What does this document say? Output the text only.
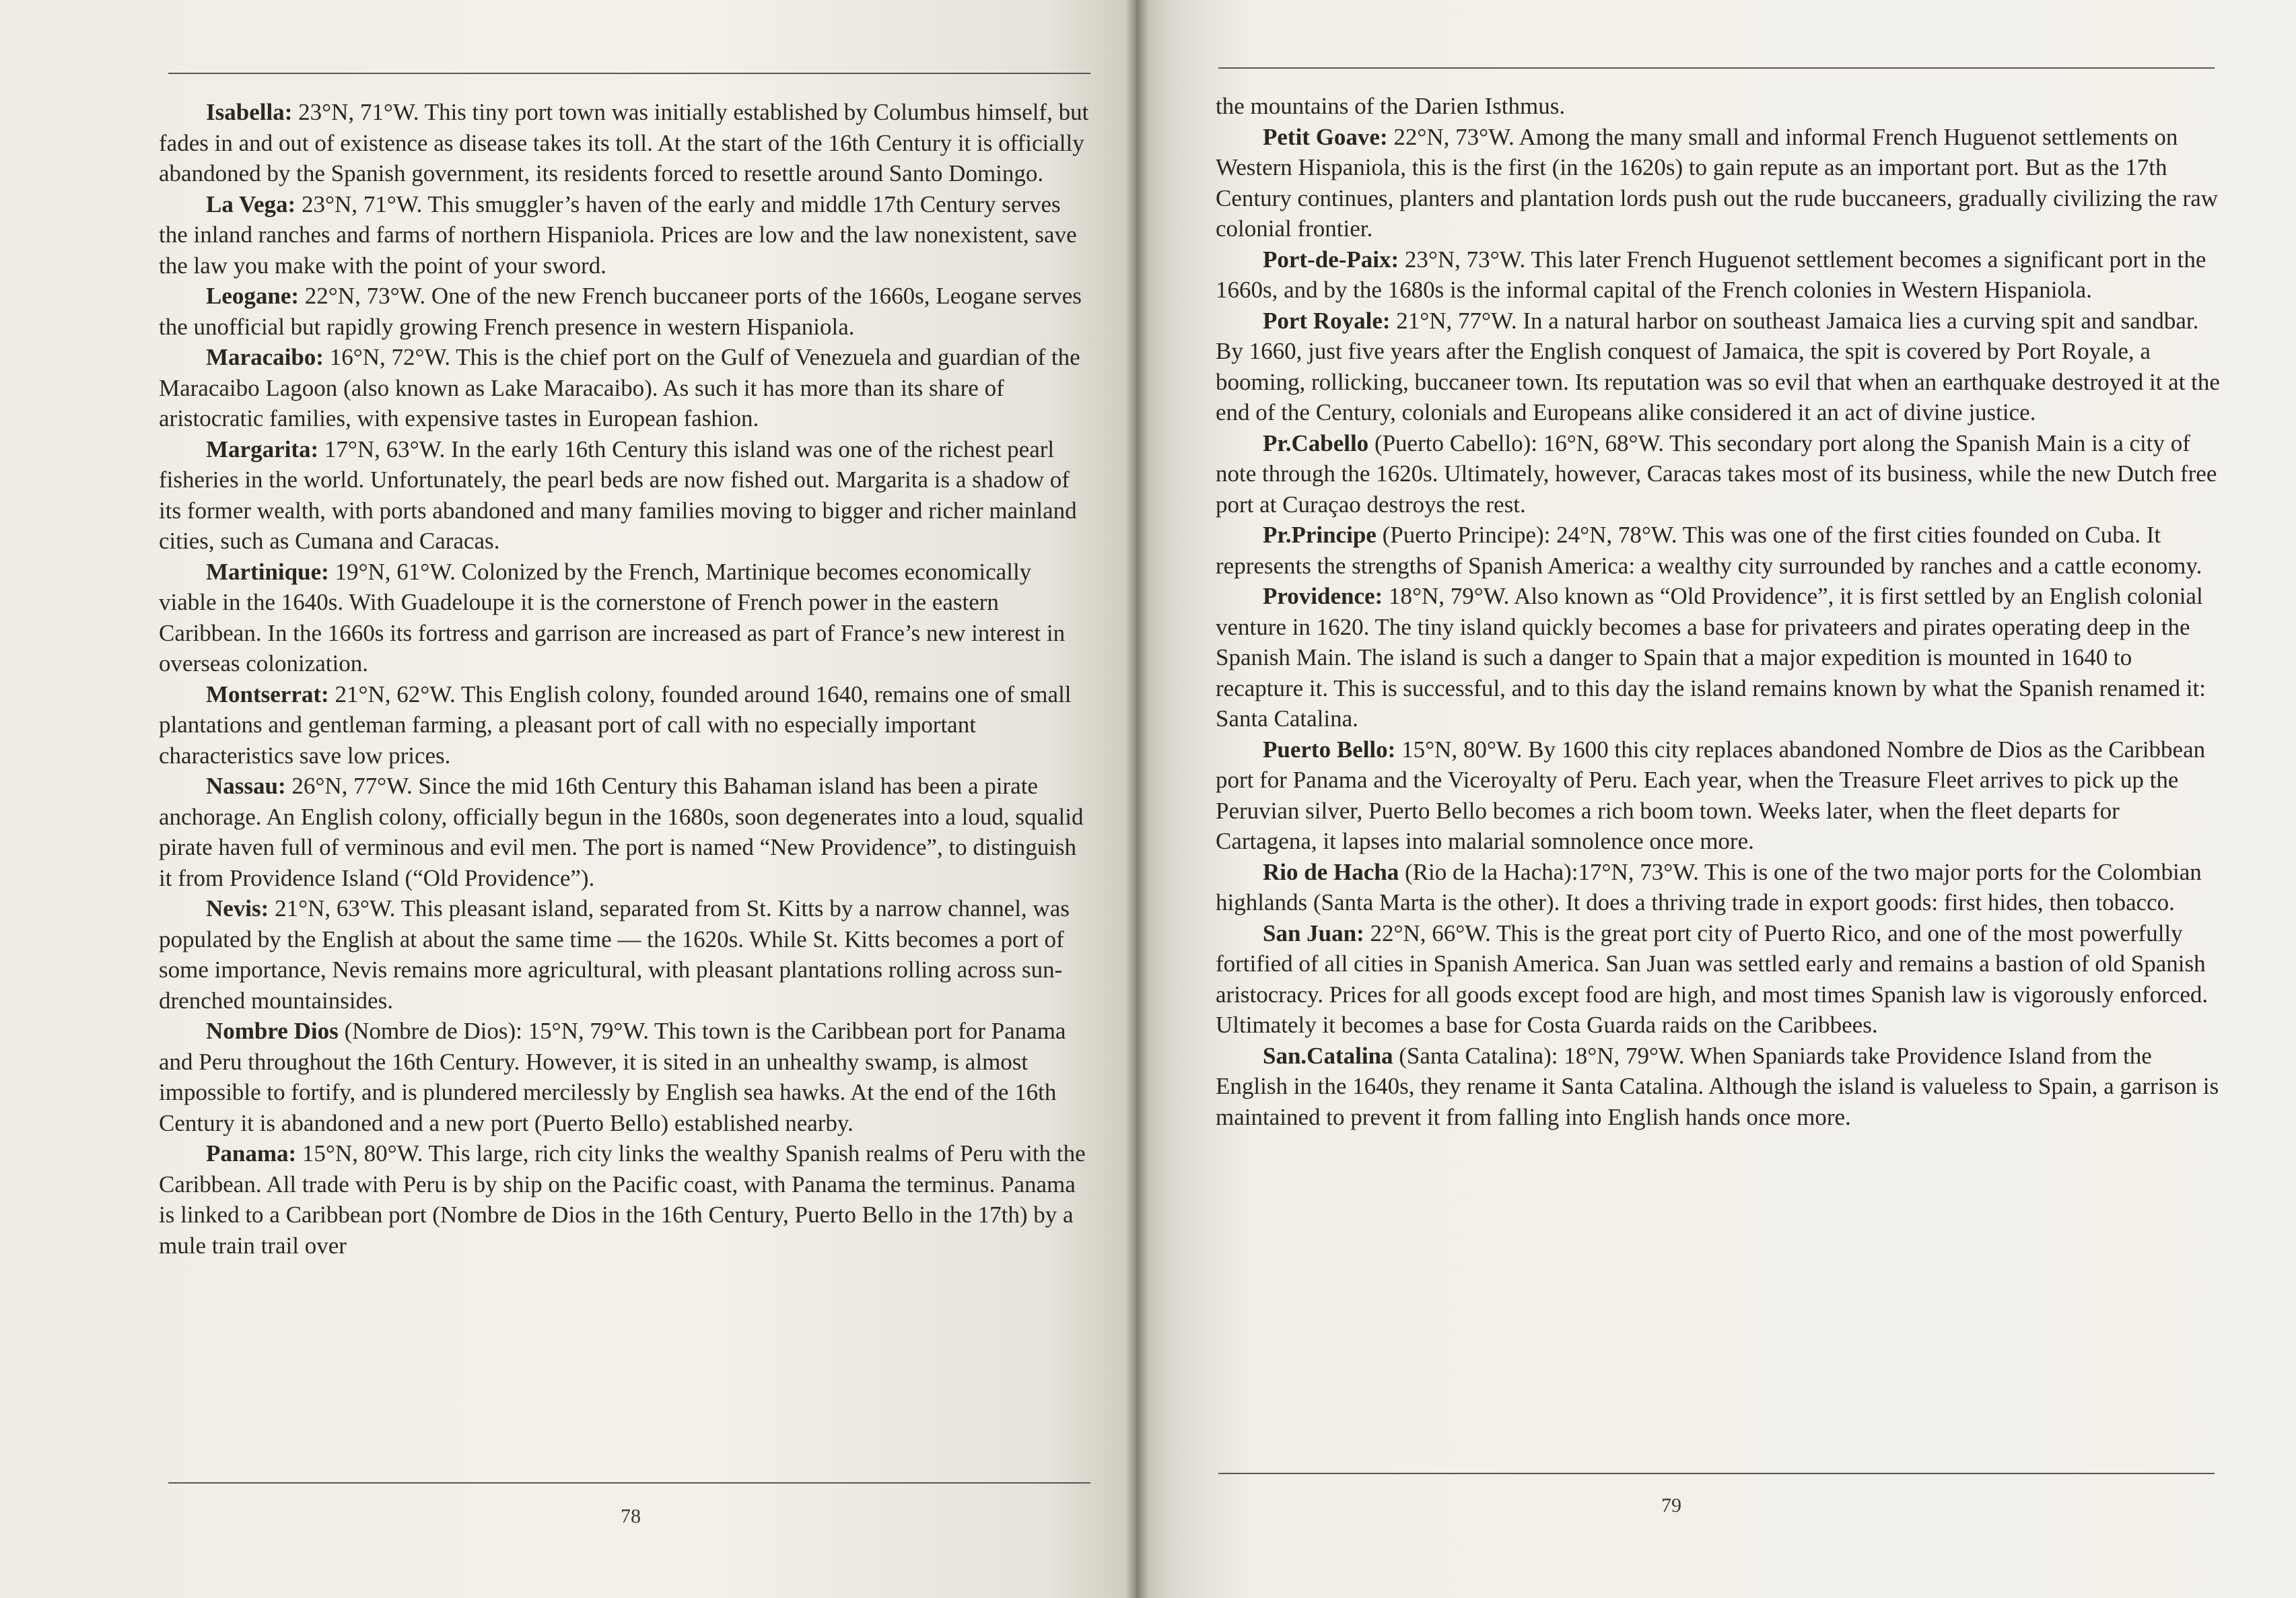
Isabella: 23°N, 71°W. This tiny port town was initially established by Columbus himself, but fades in and out of existence as disease takes its toll. At the start of the 16th Century it is officially abandoned by the Spanish government, its residents forced to resettle around Santo Domingo.

La Vega: 23°N, 71°W. This smuggler’s haven of the early and middle 17th Century serves the inland ranches and farms of northern Hispaniola. Prices are low and the law nonexistent, save the law you make with the point of your sword.

Leogane: 22°N, 73°W. One of the new French buccaneer ports of the 1660s, Leogane serves the unofficial but rapidly growing French presence in western Hispaniola.

Maracaibo: 16°N, 72°W. This is the chief port on the Gulf of Venezuela and guardian of the Maracaibo Lagoon (also known as Lake Maracaibo). As such it has more than its share of aristocratic families, with expensive tastes in European fashion.

Margarita: 17°N, 63°W. In the early 16th Century this island was one of the richest pearl fisheries in the world. Unfortunately, the pearl beds are now fished out. Margarita is a shadow of its former wealth, with ports abandoned and many families moving to bigger and richer mainland cities, such as Cumana and Caracas.

Martinique: 19°N, 61°W. Colonized by the French, Martinique becomes economically viable in the 1640s. With Guadeloupe it is the cornerstone of French power in the eastern Caribbean. In the 1660s its fortress and garrison are increased as part of France’s new interest in overseas colonization.

Montserrat: 21°N, 62°W. This English colony, founded around 1640, remains one of small plantations and gentleman farming, a pleasant port of call with no especially important characteristics save low prices.

Nassau: 26°N, 77°W. Since the mid 16th Century this Bahaman island has been a pirate anchorage. An English colony, officially begun in the 1680s, soon degenerates into a loud, squalid pirate haven full of verminous and evil men. The port is named “New Providence”, to distinguish it from Providence Island (“Old Providence”).

Nevis: 21°N, 63°W. This pleasant island, separated from St. Kitts by a narrow channel, was populated by the English at about the same time — the 1620s. While St. Kitts becomes a port of some importance, Nevis remains more agricultural, with pleasant plantations rolling across sun-drenched mountainsides.

Nombre Dios (Nombre de Dios): 15°N, 79°W. This town is the Caribbean port for Panama and Peru throughout the 16th Century. However, it is sited in an unhealthy swamp, is almost impossible to fortify, and is plundered mercilessly by English sea hawks. At the end of the 16th Century it is abandoned and a new port (Puerto Bello) established nearby.

Panama: 15°N, 80°W. This large, rich city links the wealthy Spanish realms of Peru with the Caribbean. All trade with Peru is by ship on the Pacific coast, with Panama the terminus. Panama is linked to a Caribbean port (Nombre de Dios in the 16th Century, Puerto Bello in the 17th) by a mule train trail over

78

the mountains of the Darien Isthmus.

Petit Goave: 22°N, 73°W. Among the many small and informal French Huguenot settlements on Western Hispaniola, this is the first (in the 1620s) to gain repute as an important port. But as the 17th Century continues, planters and plantation lords push out the rude buccaneers, gradually civilizing the raw colonial frontier.

Port-de-Paix: 23°N, 73°W. This later French Huguenot settlement becomes a significant port in the 1660s, and by the 1680s is the informal capital of the French colonies in Western Hispaniola.

Port Royale: 21°N, 77°W. In a natural harbor on southeast Jamaica lies a curving spit and sandbar. By 1660, just five years after the English conquest of Jamaica, the spit is covered by Port Royale, a booming, rollicking, buccaneer town. Its reputation was so evil that when an earthquake destroyed it at the end of the Century, colonials and Europeans alike considered it an act of divine justice.

Pr.Cabello (Puerto Cabello): 16°N, 68°W. This secondary port along the Spanish Main is a city of note through the 1620s. Ultimately, however, Caracas takes most of its business, while the new Dutch free port at Curaçao destroys the rest.

Pr.Principe (Puerto Principe): 24°N, 78°W. This was one of the first cities founded on Cuba. It represents the strengths of Spanish America: a wealthy city surrounded by ranches and a cattle economy.

Providence: 18°N, 79°W. Also known as “Old Providence”, it is first settled by an English colonial venture in 1620. The tiny island quickly becomes a base for privateers and pirates operating deep in the Spanish Main. The island is such a danger to Spain that a major expedition is mounted in 1640 to recapture it. This is successful, and to this day the island remains known by what the Spanish renamed it: Santa Catalina.

Puerto Bello: 15°N, 80°W. By 1600 this city replaces abandoned Nombre de Dios as the Caribbean port for Panama and the Viceroyalty of Peru. Each year, when the Treasure Fleet arrives to pick up the Peruvian silver, Puerto Bello becomes a rich boom town. Weeks later, when the fleet departs for Cartagena, it lapses into malarial somnolence once more.

Rio de Hacha (Rio de la Hacha):17°N, 73°W. This is one of the two major ports for the Colombian highlands (Santa Marta is the other). It does a thriving trade in export goods: first hides, then tobacco.

San Juan: 22°N, 66°W. This is the great port city of Puerto Rico, and one of the most powerfully fortified of all cities in Spanish America. San Juan was settled early and remains a bastion of old Spanish aristocracy. Prices for all goods except food are high, and most times Spanish law is vigorously enforced. Ultimately it becomes a base for Costa Guarda raids on the Caribbees.

San.Catalina (Santa Catalina): 18°N, 79°W. When Spaniards take Providence Island from the English in the 1640s, they rename it Santa Catalina. Although the island is valueless to Spain, a garrison is maintained to prevent it from falling into English hands once more.

79
